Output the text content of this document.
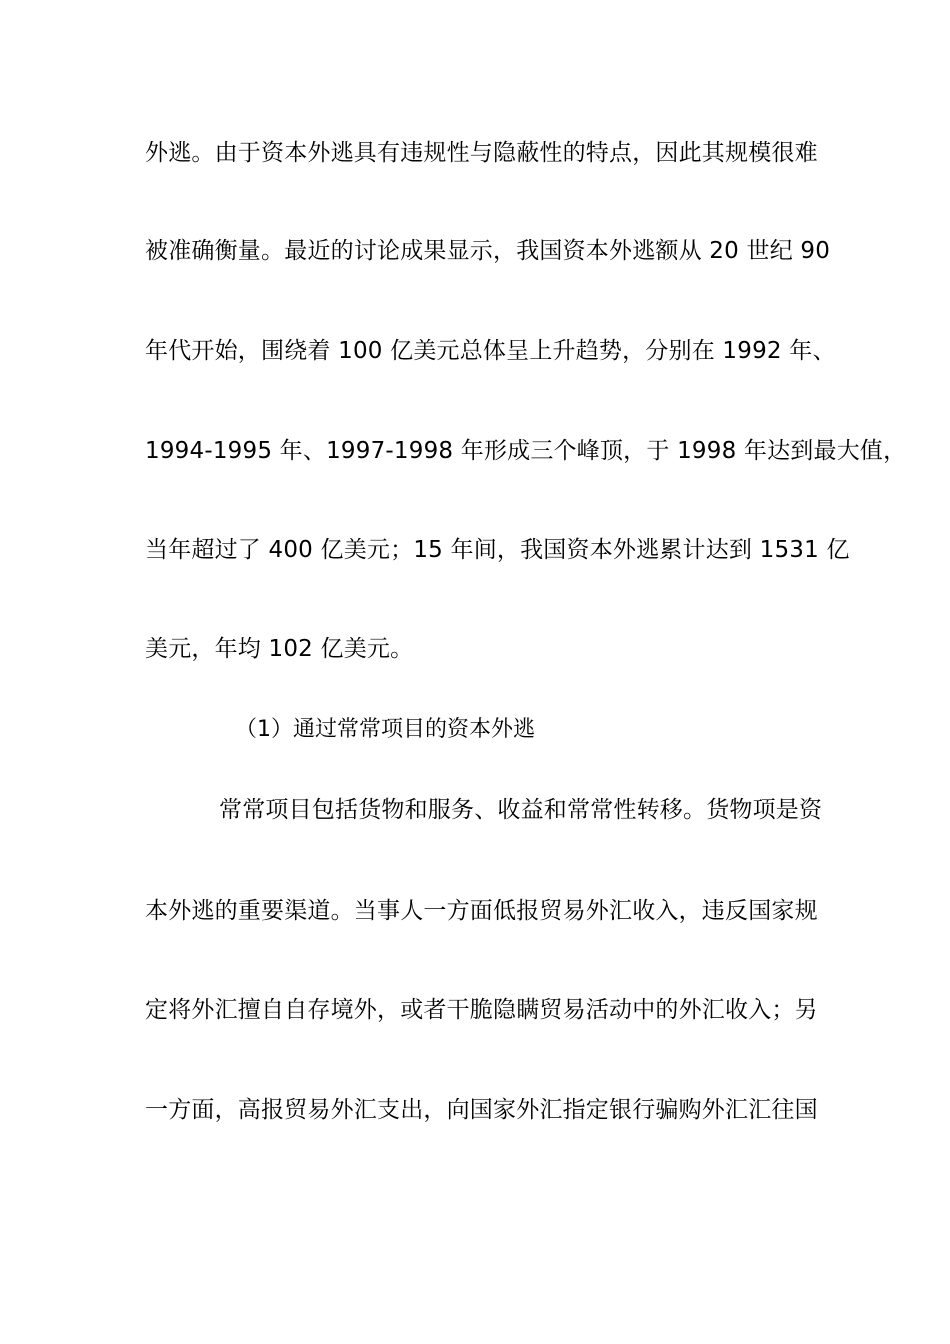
外逃。由于资本外逃具有违规性与隐蔽性的特点，因此其规模很难
被准确衡量。最近的讨论成果显示，我国资本外逃额从 20 世纪 90
年代开始，围绕着 100 亿美元总体呈上升趋势，分别在 1992 年、
1994-1995 年、1997-1998 年形成三个峰顶，于 1998 年达到最大值，
当年超过了 400 亿美元；15 年间，我国资本外逃累计达到 1531 亿
美元，年均 102 亿美元。
（1）通过常常项目的资本外逃
常常项目包括货物和服务、收益和常常性转移。货物项是资
本外逃的重要渠道。当事人一方面低报贸易外汇收入，违反国家规
定将外汇擅自自存境外，或者干脆隐瞒贸易活动中的外汇收入；另
一方面，高报贸易外汇支出，向国家外汇指定银行骗购外汇汇往国
